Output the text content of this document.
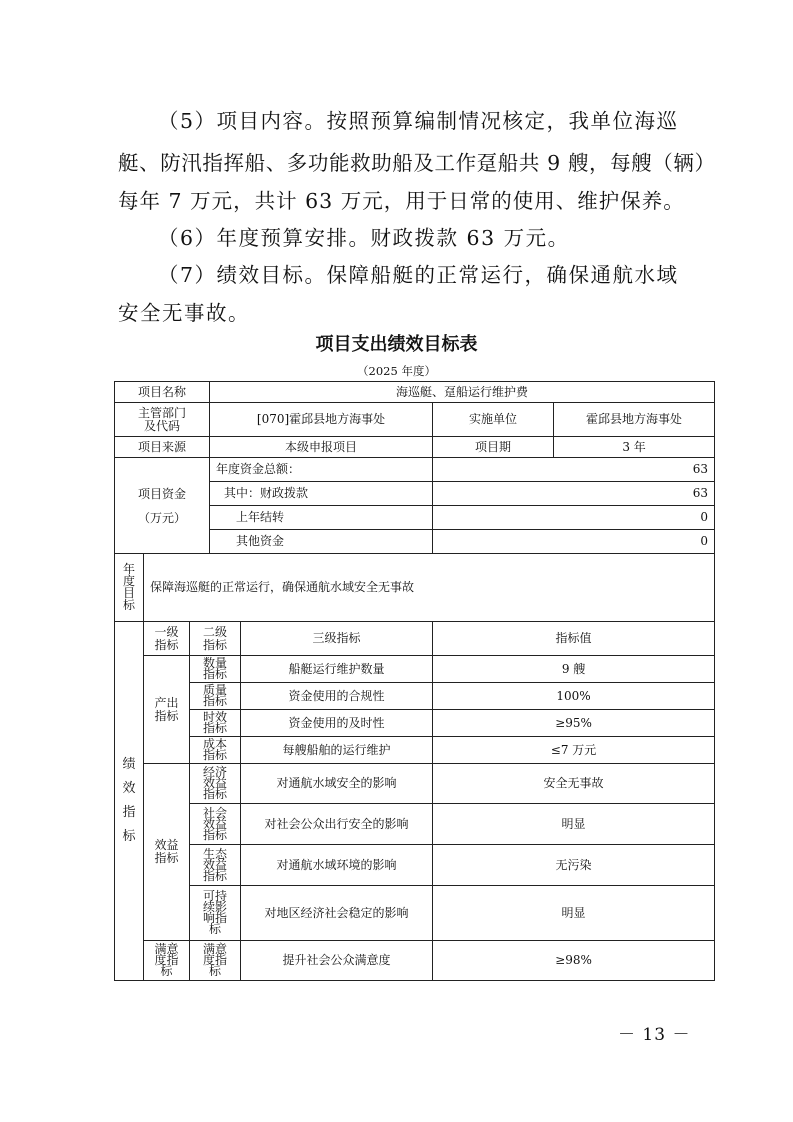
（5）项目内容。按照预算编制情况核定，我单位海巡
艇、防汛指挥船、多功能救助船及工作趸船共 9 艘，每艘（辆）
每年 7 万元，共计 63 万元，用于日常的使用、维护保养。
（6）年度预算安排。财政拨款 63 万元。
（7）绩效目标。保障船艇的正常运行，确保通航水域
安全无事故。
项目支出绩效目标表
（2025 年度）
项目名称			海巡艇、趸船运行维护费			

主管部门
及代码			[070]霍邱县地方海事处		实施单位	霍邱县地方海事处
项目来源			本级申报项目		项目期	3 年

项目资金
（万元）			年度资金总额：		63	
			其中：财政拨款		63	
			上年结转		0	
			其他资金		0	
年度目标	保障海巡艇的正常运行，确保通航水域安全无事故					
绩效指标	一级指标	二级指标		三级指标	指标值	

	产出指标	数量指标		船艇运行维护数量	9 艘	

		质量指标		资金使用的合规性	100%	

		时效指标		资金使用的及时性	≥95%	

		成本指标		每艘船舶的运行维护	≤7 万元	

	效益指标	经济效益指标		对通航水域安全的影响	安全无事故	

		社会效益指标		对社会公众出行安全的影响	明显	

		生态效益指标		对通航水域环境的影响	无污染	

		可持续影响指标		对地区经济社会稳定的影响	明显	

	满意度指标	满意度指标		提升社会公众满意度	≥98%	
－ 13 －
